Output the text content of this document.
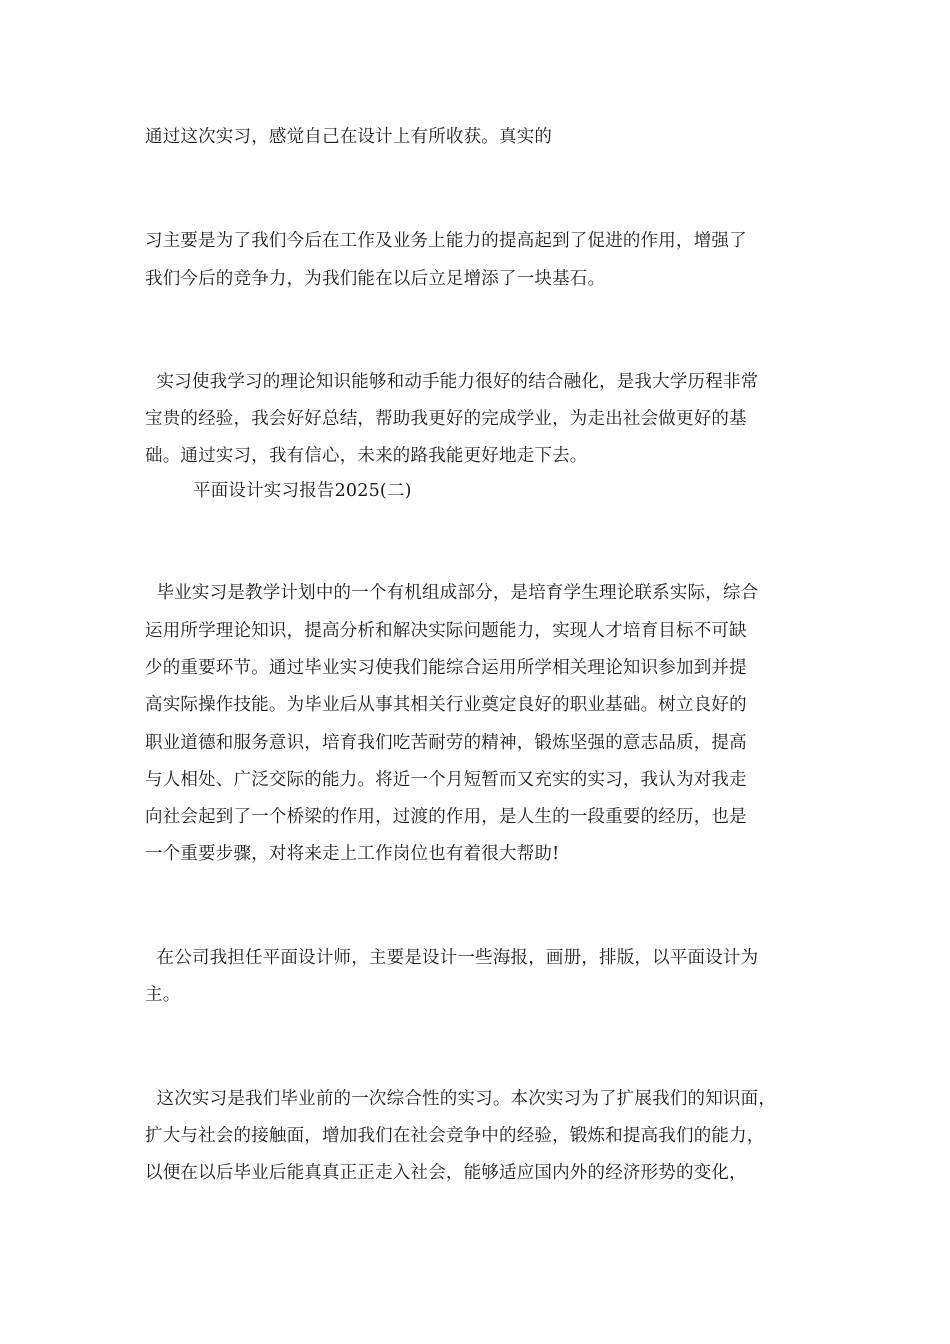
通过这次实习，感觉自己在设计上有所收获。真实的
习主要是为了我们今后在工作及业务上能力的提高起到了促进的作用，增强了
我们今后的竞争力，为我们能在以后立足增添了一块基石。
实习使我学习的理论知识能够和动手能力很好的结合融化，是我大学历程非常
宝贵的经验，我会好好总结，帮助我更好的完成学业，为走出社会做更好的基
础。通过实习，我有信心，未来的路我能更好地走下去。
平面设计实习报告2025(二)
毕业实习是教学计划中的一个有机组成部分，是培育学生理论联系实际，综合
运用所学理论知识，提高分析和解决实际问题能力，实现人才培育目标不可缺
少的重要环节。通过毕业实习使我们能综合运用所学相关理论知识参加到并提
高实际操作技能。为毕业后从事其相关行业奠定良好的职业基础。树立良好的
职业道德和服务意识，培育我们吃苦耐劳的精神，锻炼坚强的意志品质，提高
与人相处、广泛交际的能力。将近一个月短暂而又充实的实习，我认为对我走
向社会起到了一个桥梁的作用，过渡的作用，是人生的一段重要的经历，也是
一个重要步骤，对将来走上工作岗位也有着很大帮助!
在公司我担任平面设计师，主要是设计一些海报，画册，排版，以平面设计为
主。
这次实习是我们毕业前的一次综合性的实习。本次实习为了扩展我们的知识面，
扩大与社会的接触面，增加我们在社会竞争中的经验，锻炼和提高我们的能力，
以便在以后毕业后能真真正正走入社会，能够适应国内外的经济形势的变化，
